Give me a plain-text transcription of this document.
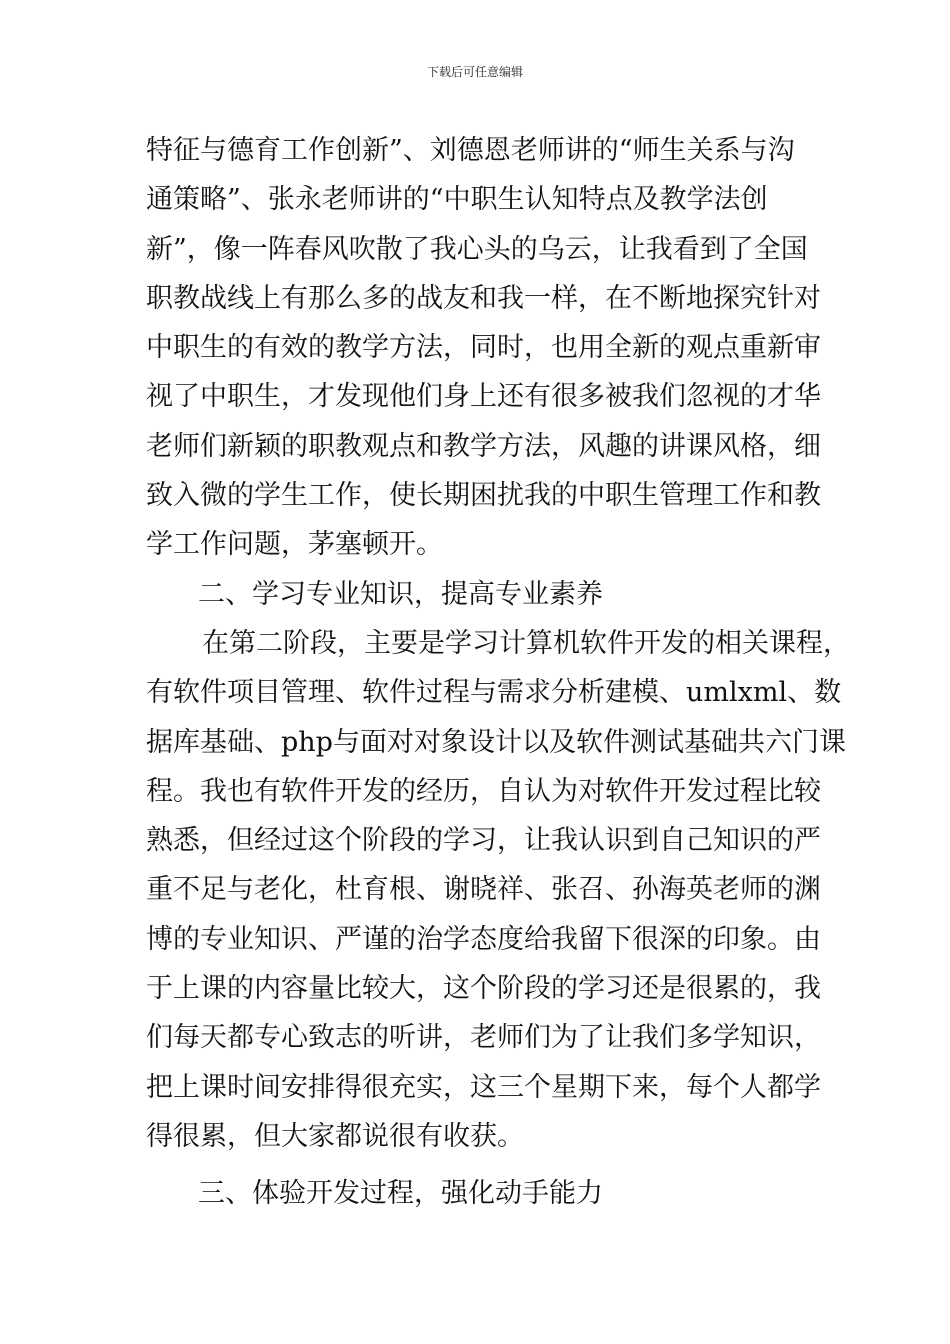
下载后可任意编辑
特征与德育工作创新”、刘德恩老师讲的“师生关系与沟
通策略”、张永老师讲的“中职生认知特点及教学法创
新”，像一阵春风吹散了我心头的乌云，让我看到了全国
职教战线上有那么多的战友和我一样，在不断地探究针对
中职生的有效的教学方法，同时，也用全新的观点重新审
视了中职生，才发现他们身上还有很多被我们忽视的才华
老师们新颖的职教观点和教学方法，风趣的讲课风格，细
致入微的学生工作，使长期困扰我的中职生管理工作和教
学工作问题，茅塞顿开。
二、学习专业知识，提高专业素养
在第二阶段，主要是学习计算机软件开发的相关课程，
有软件项目管理、软件过程与需求分析建模、umlxml、数
据库基础、php与面对对象设计以及软件测试基础共六门课
程。我也有软件开发的经历，自认为对软件开发过程比较
熟悉，但经过这个阶段的学习，让我认识到自己知识的严
重不足与老化，杜育根、谢晓祥、张召、孙海英老师的渊
博的专业知识、严谨的治学态度给我留下很深的印象。由
于上课的内容量比较大，这个阶段的学习还是很累的，我
们每天都专心致志的听讲，老师们为了让我们多学知识，
把上课时间安排得很充实，这三个星期下来，每个人都学
得很累，但大家都说很有收获。
三、体验开发过程，强化动手能力
